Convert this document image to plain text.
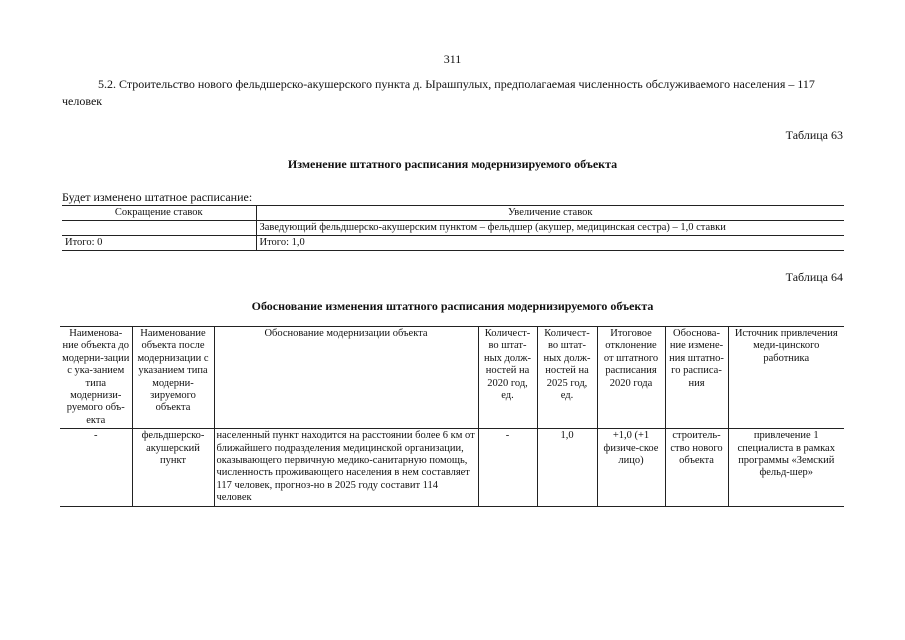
311
5.2. Строительство нового фельдшерско-акушерского пункта д. Ырашпулых, предполагаемая численность обслуживаемого населения – 117 человек
Таблица 63
Изменение штатного расписания модернизируемого объекта
Будет изменено штатное расписание:
Сокращение ставок	Увеличение ставок
	Заведующий фельдшерско-акушерским пунктом – фельдшер (акушер, медицинская сестра) – 1,0 ставки
Итого: 0	Итого: 1,0
Таблица 64
Обоснование изменения штатного расписания модернизируемого объекта
Наименова-ние объекта до модерни-зации с ука-занием типа модернизи-руемого объ-екта	Наименование объекта после модернизации с указанием типа модерни-зируемого объекта	Обоснование модернизации объекта	Количест-во штат-ных долж-ностей на 2020 год, ед.	Количест-во штат-ных долж-ностей на 2025 год, ед.	Итоговое отклонение от штатного расписания 2020 года	Обоснова-ние измене-ния штатно-го расписа-ния	Источник привлечения меди-цинского работника
-	фельдшерско-акушерский пункт	населенный пункт находится на расстоянии более 6 км от ближайшего подразделения медицинской организации, оказывающего первичную медико-санитарную помощь, численность проживающего населения в нем составляет 117 человек, прогноз-но в 2025 году составит 114 человек	-	1,0	+1,0 (+1 физиче-ское лицо)	строитель-ство нового объекта	привлечение 1 специалиста в рамках программы «Земский фельд-шер»
